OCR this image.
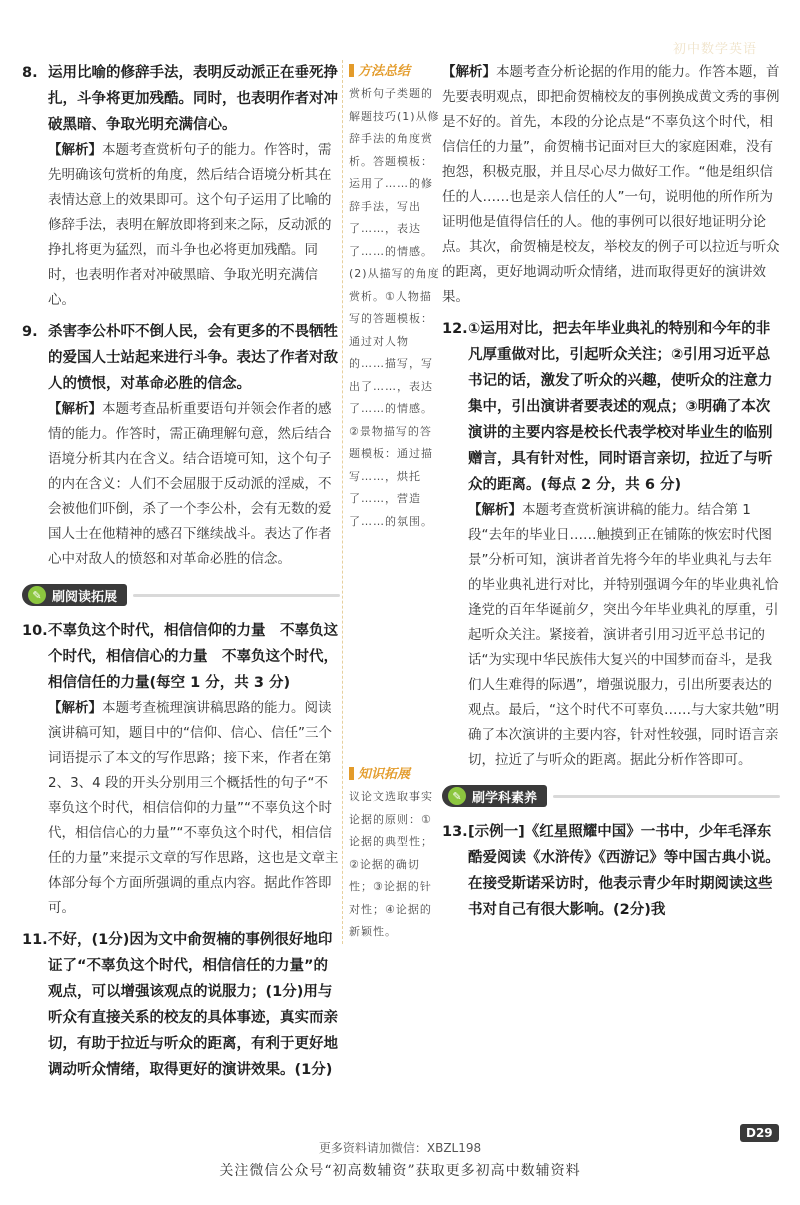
初中数学英语
8. 运用比喻的修辞手法，表明反动派正在垂死挣扎，斗争将更加残酷。同时，也表明作者对冲破黑暗、争取光明充满信心。
【解析】本题考查赏析句子的能力。作答时，需先明确该句赏析的角度，然后结合语境分析其在表情达意上的效果即可。这个句子运用了比喻的修辞手法，表明在解放即将到来之际，反动派的挣扎将更为猛烈，而斗争也必将更加残酷。同时，也表明作者对冲破黑暗、争取光明充满信心。
9. 杀害李公朴吓不倒人民，会有更多的不畏牺牲的爱国人士站起来进行斗争。表达了作者对敌人的愤恨，对革命必胜的信念。
【解析】本题考查品析重要语句并领会作者的感情的能力。作答时，需正确理解句意，然后结合语境分析其内在含义。结合语境可知，这个句子的内在含义：人们不会屈服于反动派的淫威，不会被他们吓倒，杀了一个李公朴，会有无数的爱国人士在他精神的感召下继续战斗。表达了作者心中对敌人的愤怒和对革命必胜的信念。
✎ 刷阅读拓展
10. 不辜负这个时代，相信信仰的力量　不辜负这个时代，相信信心的力量　不辜负这个时代，相信信任的力量(每空 1 分，共 3 分)
【解析】本题考查梳理演讲稿思路的能力。阅读演讲稿可知，题目中的“信仰、信心、信任”三个词语提示了本文的写作思路；接下来，作者在第 2、3、4 段的开头分别用三个概括性的句子“不辜负这个时代，相信信仰的力量”“不辜负这个时代，相信信心的力量”“不辜负这个时代，相信信任的力量”来提示文章的写作思路，这也是文章主体部分每个方面所强调的重点内容。据此作答即可。
11. 不好，(1分)因为文中俞贺楠的事例很好地印证了“不辜负这个时代，相信信任的力量”的观点，可以增强该观点的说服力；(1分)用与听众有直接关系的校友的具体事迹，真实而亲切，有助于拉近与听众的距离，有利于更好地调动听众情绪，取得更好的演讲效果。(1分)
方法总结
赏析句子类题的解题技巧(1)从修辞手法的角度赏析。答题模板：运用了……的修辞手法，写出了……，表达了……的情感。(2)从描写的角度赏析。①人物描写的答题模板：通过对人物的……描写，写出了……，表达了……的情感。②景物描写的答题模板：通过描写……，烘托了……，营造了……的氛围。
知识拓展
议论文选取事实论据的原则：①论据的典型性；②论据的确切性；③论据的针对性；④论据的新颖性。
【解析】本题考查分析论据的作用的能力。作答本题，首先要表明观点，即把俞贺楠校友的事例换成黄文秀的事例是不好的。首先，本段的分论点是“不辜负这个时代，相信信任的力量”，俞贺楠书记面对巨大的家庭困难，没有抱怨，积极克服，并且尽心尽力做好工作。“他是组织信任的人……也是亲人信任的人”一句，说明他的所作所为证明他是值得信任的人。他的事例可以很好地证明分论点。其次，俞贺楠是校友，举校友的例子可以拉近与听众的距离，更好地调动听众情绪，进而取得更好的演讲效果。
12. ①运用对比，把去年毕业典礼的特别和今年的非凡厚重做对比，引起听众关注；②引用习近平总书记的话，激发了听众的兴趣，使听众的注意力集中，引出演讲者要表述的观点；③明确了本次演讲的主要内容是校长代表学校对毕业生的临别赠言，具有针对性，同时语言亲切，拉近了与听众的距离。(每点 2 分，共 6 分)
【解析】本题考查赏析演讲稿的能力。结合第 1 段“去年的毕业日……触摸到正在铺陈的恢宏时代图景”分析可知，演讲者首先将今年的毕业典礼与去年的毕业典礼进行对比，并特别强调今年的毕业典礼恰逢党的百年华诞前夕，突出今年毕业典礼的厚重，引起听众关注。紧接着，演讲者引用习近平总书记的话“为实现中华民族伟大复兴的中国梦而奋斗，是我们人生难得的际遇”，增强说服力，引出所要表达的观点。最后，“这个时代不可辜负……与大家共勉”明确了本次演讲的主要内容，针对性较强，同时语言亲切，拉近了与听众的距离。据此分析作答即可。
✎ 刷学科素养
13. [示例一]《红星照耀中国》一书中，少年毛泽东酷爱阅读《水浒传》《西游记》等中国古典小说。在接受斯诺采访时，他表示青少年时期阅读这些书对自己有很大影响。(2分)我
D29
更多资料请加微信：XBZL198
关注微信公众号“初高数辅资”获取更多初高中数辅资料
